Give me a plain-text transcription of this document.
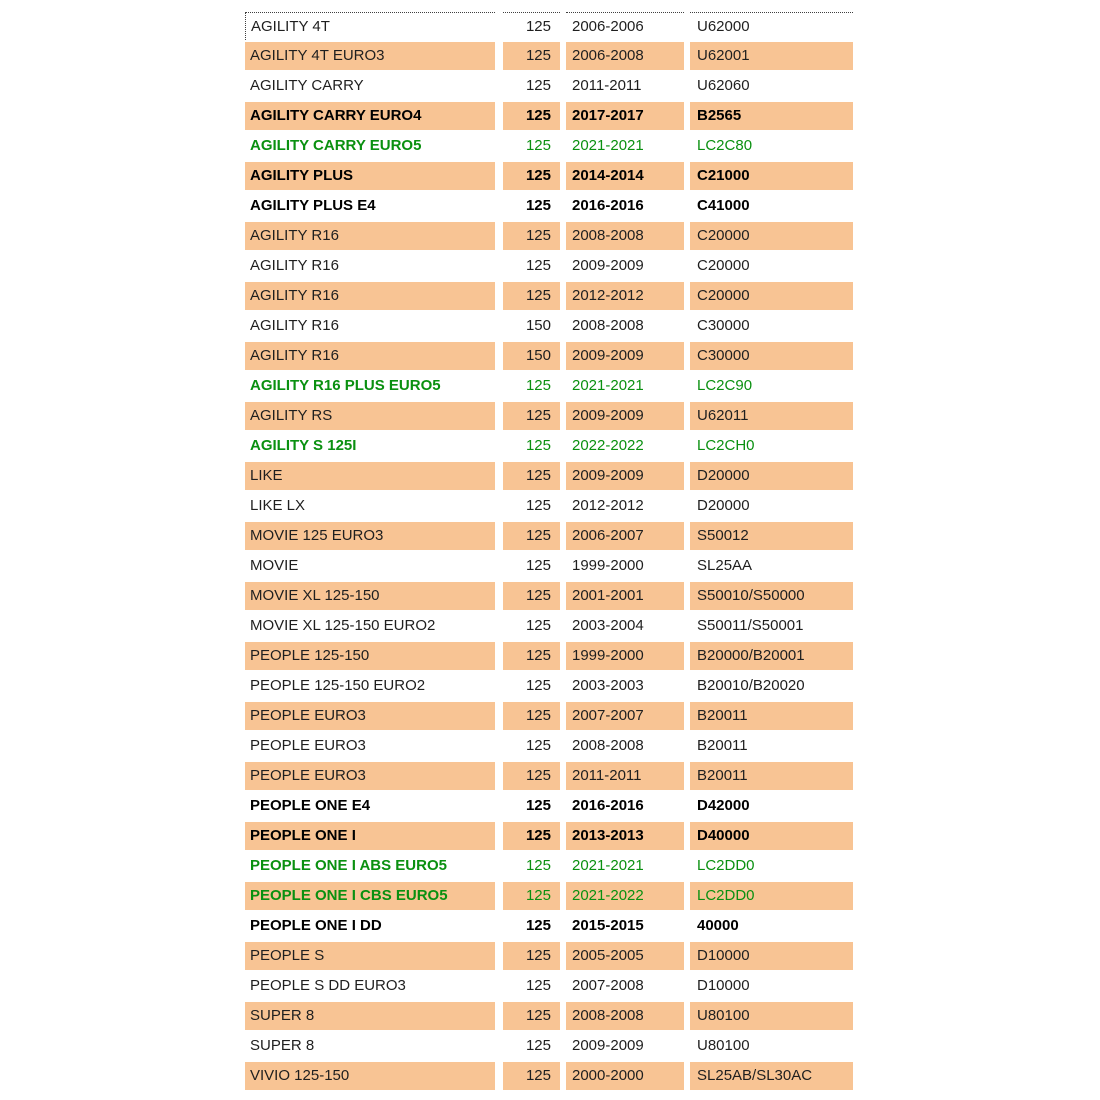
AGILITY 4T	125	2006-2006	U62000
AGILITY 4T EURO3	125	2006-2008	U62001
AGILITY CARRY	125	2011-2011	U62060
AGILITY CARRY EURO4	125	2017-2017	B2565
AGILITY CARRY EURO5	125	2021-2021	LC2C80
AGILITY PLUS	125	2014-2014	C21000
AGILITY PLUS E4	125	2016-2016	C41000
AGILITY R16	125	2008-2008	C20000
AGILITY R16	125	2009-2009	C20000
AGILITY R16	125	2012-2012	C20000
AGILITY R16	150	2008-2008	C30000
AGILITY R16	150	2009-2009	C30000
AGILITY R16 PLUS EURO5	125	2021-2021	LC2C90
AGILITY RS	125	2009-2009	U62011
AGILITY S 125I	125	2022-2022	LC2CH0
LIKE	125	2009-2009	D20000
LIKE LX	125	2012-2012	D20000
MOVIE 125 EURO3	125	2006-2007	S50012
MOVIE	125	1999-2000	SL25AA
MOVIE XL 125-150	125	2001-2001	S50010/S50000
MOVIE XL 125-150 EURO2	125	2003-2004	S50011/S50001
PEOPLE 125-150	125	1999-2000	B20000/B20001
PEOPLE 125-150 EURO2	125	2003-2003	B20010/B20020
PEOPLE EURO3	125	2007-2007	B20011
PEOPLE EURO3	125	2008-2008	B20011
PEOPLE EURO3	125	2011-2011	B20011
PEOPLE ONE E4	125	2016-2016	D42000
PEOPLE ONE I	125	2013-2013	D40000
PEOPLE ONE I ABS EURO5	125	2021-2021	LC2DD0
PEOPLE ONE I CBS EURO5	125	2021-2022	LC2DD0
PEOPLE ONE I DD	125	2015-2015	40000
PEOPLE S	125	2005-2005	D10000
PEOPLE S DD EURO3	125	2007-2008	D10000
SUPER 8	125	2008-2008	U80100
SUPER 8	125	2009-2009	U80100
VIVIO 125-150	125	2000-2000	SL25AB/SL30AC
